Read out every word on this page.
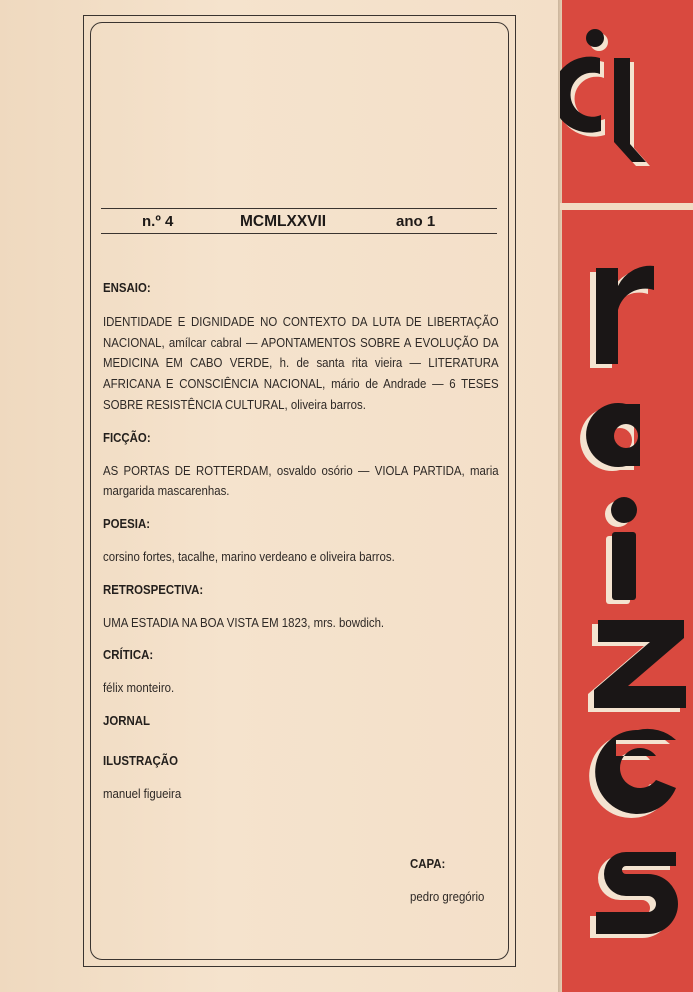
n.º 4	MCMLXXVII	ano 1

ENSAIO:

IDENTIDADE E DIGNIDADE NO CONTEXTO DA LUTA DE LIBERTAÇÃO NACIONAL, amílcar cabral — APONTAMENTOS SOBRE A EVOLUÇÃO DA MEDICINA EM CABO VERDE, h. de santa rita vieira — LITERATURA AFRICANA E CONSCIÊNCIA NACIONAL, mário de Andrade — 6 TESES SOBRE RESISTÊNCIA CULTURAL, oliveira barros.

FICÇÃO:

AS PORTAS DE ROTTERDAM, osvaldo osório — VIOLA PARTIDA, maria margarida mascarenhas.

POESIA:

corsino fortes, tacalhe, marino verdeano e oliveira barros.

RETROSPECTIVA:

UMA ESTADIA NA BOA VISTA EM 1823, mrs. bowdich.

CRÍTICA:

félix monteiro.

JORNAL

ILUSTRAÇÃO

manuel figueira

CAPA:

pedro gregório
